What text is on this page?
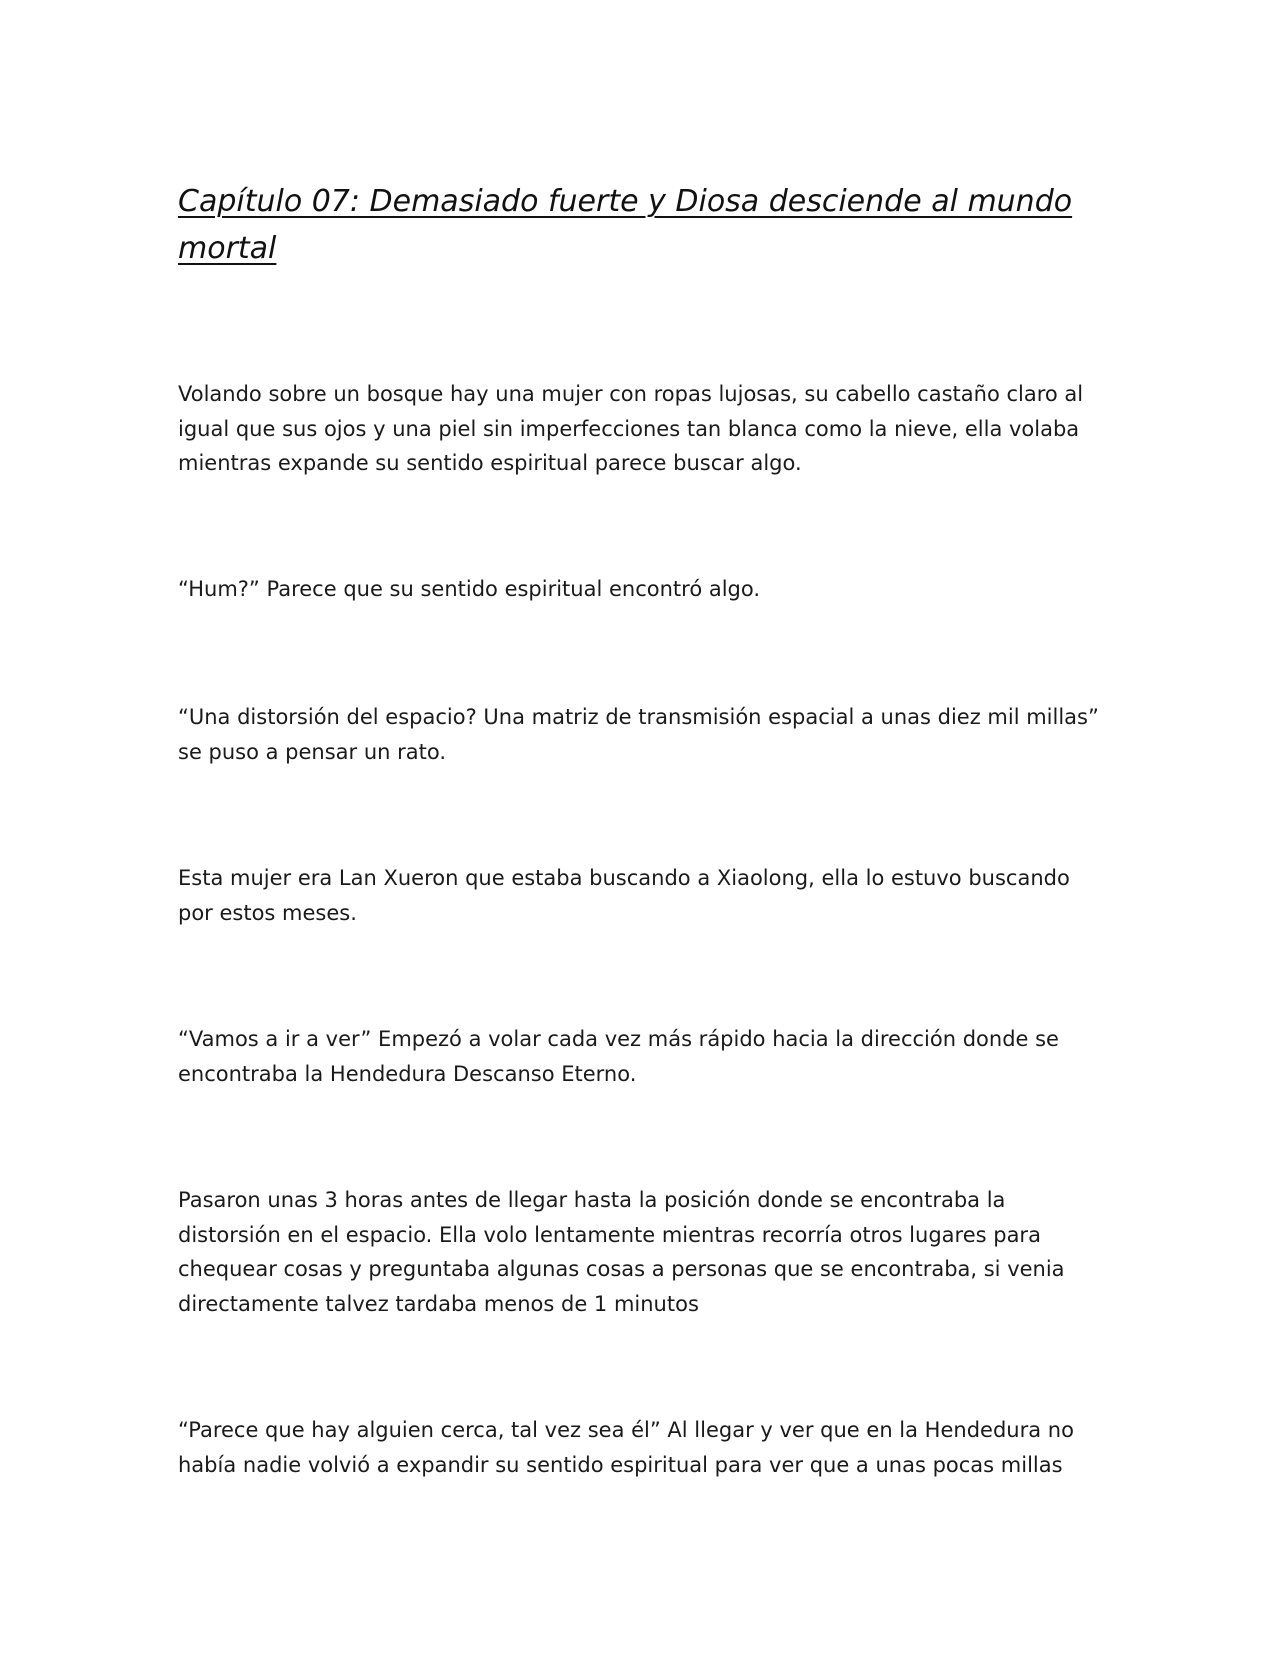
Capítulo 07: Demasiado fuerte y Diosa desciende al mundo
mortal

Volando sobre un bosque hay una mujer con ropas lujosas, su cabello castaño claro al
igual que sus ojos y una piel sin imperfecciones tan blanca como la nieve, ella volaba
mientras expande su sentido espiritual parece buscar algo.

“Hum?” Parece que su sentido espiritual encontró algo.

“Una distorsión del espacio? Una matriz de transmisión espacial a unas diez mil millas”
se puso a pensar un rato.

Esta mujer era Lan Xueron que estaba buscando a Xiaolong, ella lo estuvo buscando
por estos meses.

“Vamos a ir a ver” Empezó a volar cada vez más rápido hacia la dirección donde se
encontraba la Hendedura Descanso Eterno.

Pasaron unas 3 horas antes de llegar hasta la posición donde se encontraba la
distorsión en el espacio. Ella volo lentamente mientras recorría otros lugares para
chequear cosas y preguntaba algunas cosas a personas que se encontraba, si venia
directamente talvez tardaba menos de 1 minutos

“Parece que hay alguien cerca, tal vez sea él” Al llegar y ver que en la Hendedura no
había nadie volvió a expandir su sentido espiritual para ver que a unas pocas millas
